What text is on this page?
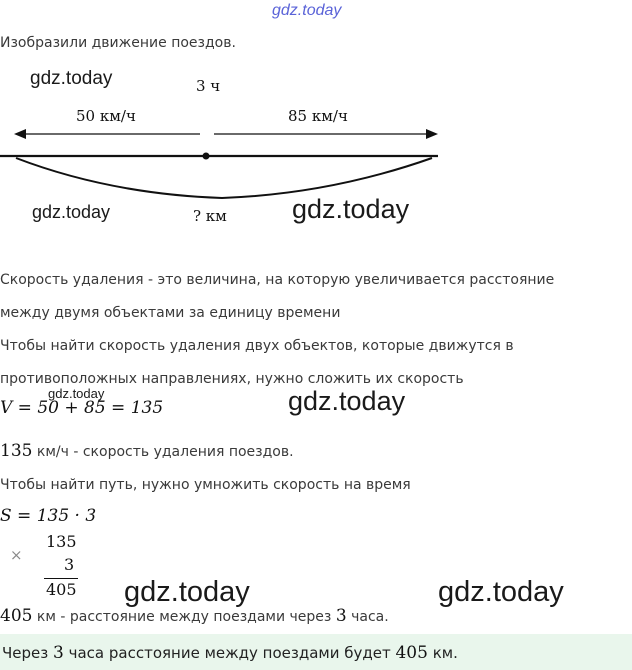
gdz.today
Изобразили движение поездов.
gdz.today	3 ч
50 км/ч	85 км/ч
gdz.today	? км gdz.today
Скорость удаления - это величина, на которую увеличивается расстояние
между двумя объектами за единицу времени
Чтобы найти скорость удаления двух объектов, которые движутся в
противоположных направлениях, нужно сложить их скорость
gdz.today
V = 50 + 85 = 135	gdz.today
135 км/ч - скорость удаления поездов.
Чтобы найти путь, нужно умножить скорость на время
S = 135 · 3
×
135
3
405 gdz.today	gdz.today
405 км - расстояние между поездами через 3 часа.
Через 3 часа расстояние между поездами будет 405 км.
